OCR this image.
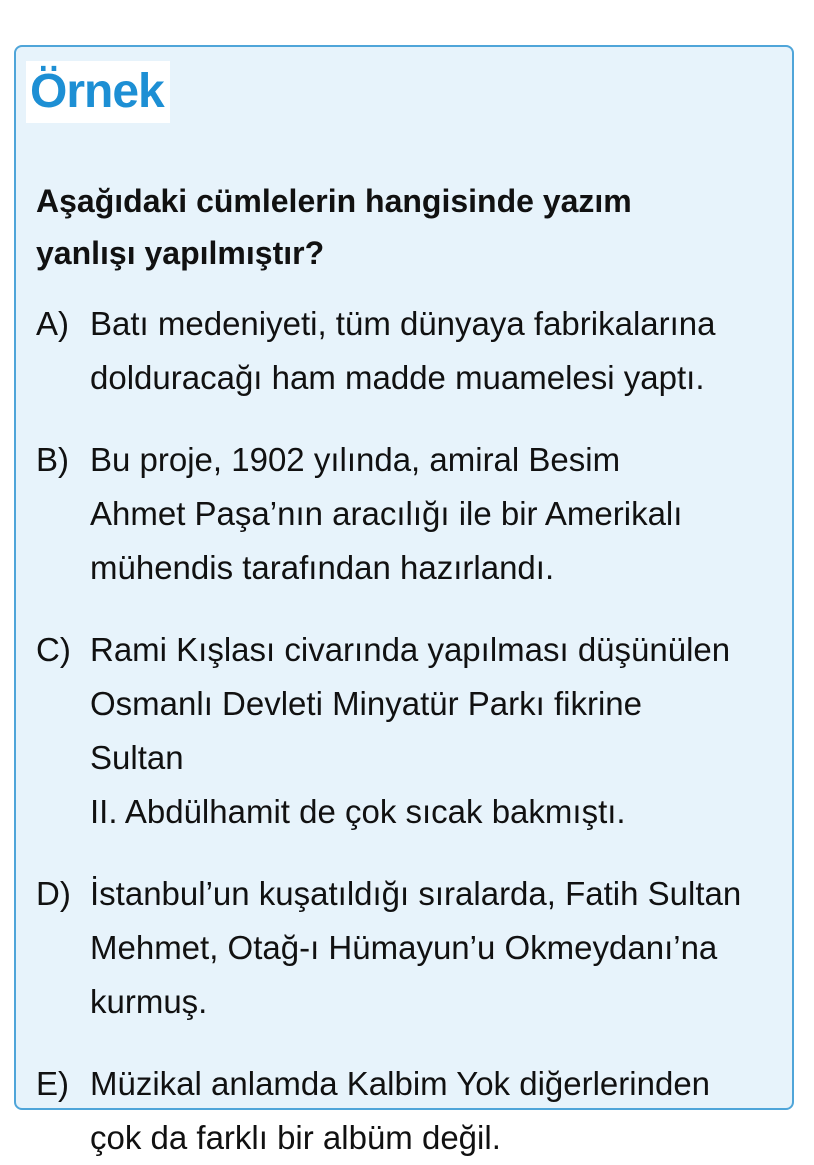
Örnek
Aşağıdaki cümlelerin hangisinde yazım
yanlışı yapılmıştır?
A) Batı medeniyeti, tüm dünyaya fabrikalarına
dolduracağı ham madde muamelesi yaptı.
B) Bu proje, 1902 yılında, amiral Besim
Ahmet Paşa’nın aracılığı ile bir Amerikalı
mühendis tarafından hazırlandı.
C) Rami Kışlası civarında yapılması düşünülen
Osmanlı Devleti Minyatür Parkı fikrine
Sultan
II. Abdülhamit de çok sıcak bakmıştı.
D) İstanbul’un kuşatıldığı sıralarda, Fatih Sultan
Mehmet, Otağ-ı Hümayun’u Okmeydanı’na
kurmuş.
E) Müzikal anlamda Kalbim Yok diğerlerinden
çok da farklı bir albüm değil.
